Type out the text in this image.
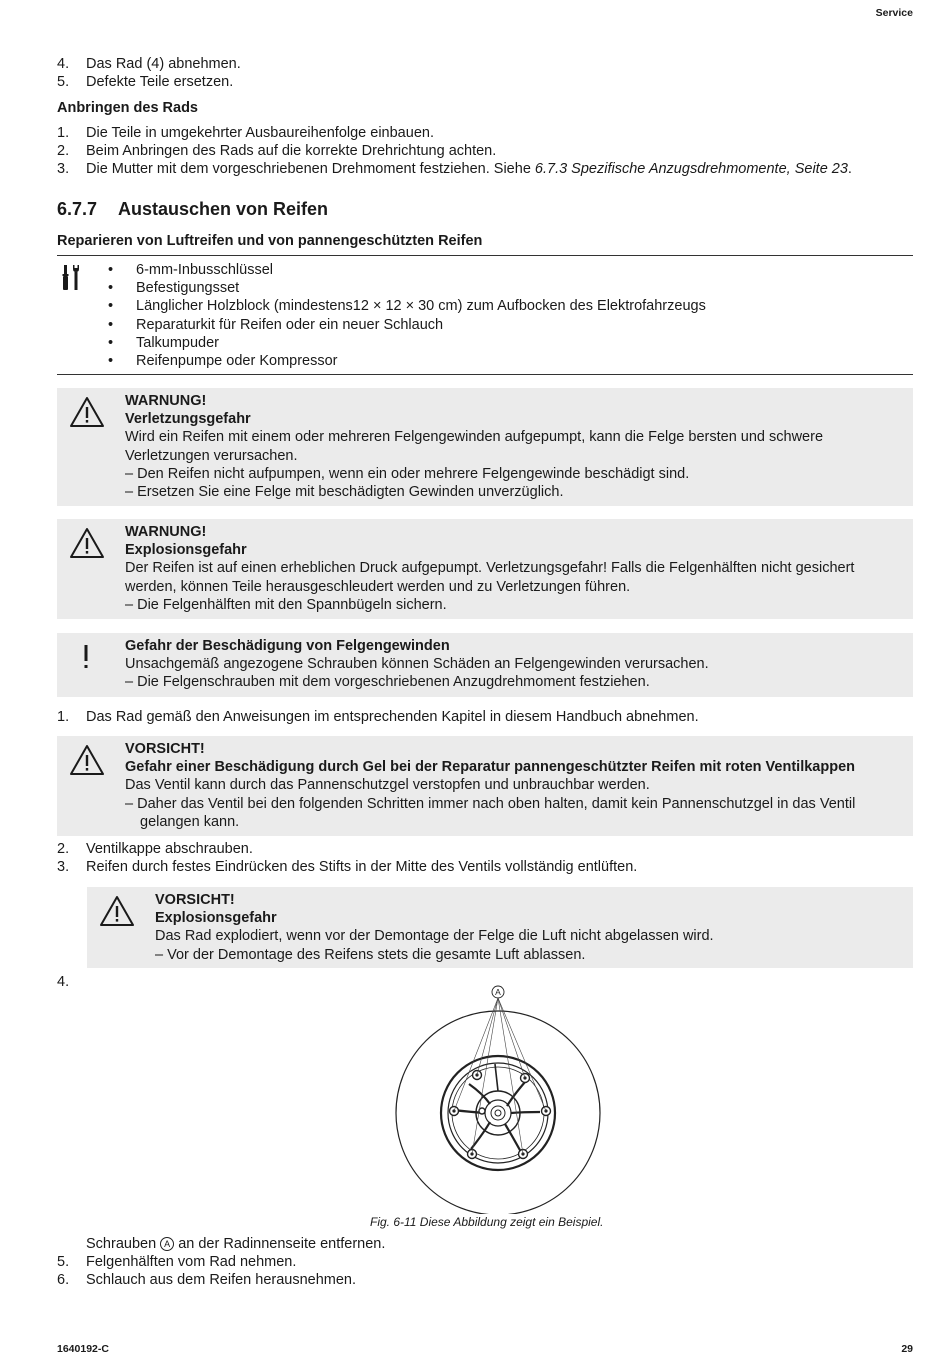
Service
4. Das Rad (4) abnehmen.
5. Defekte Teile ersetzen.
Anbringen des Rads
1. Die Teile in umgekehrter Ausbaureihenfolge einbauen.
2. Beim Anbringen des Rads auf die korrekte Drehrichtung achten.
3. Die Mutter mit dem vorgeschriebenen Drehmoment festziehen. Siehe 6.7.3 Spezifische Anzugsdrehmomente, Seite 23.
6.7.7 Austauschen von Reifen
Reparieren von Luftreifen und von pannengeschützten Reifen
• 6-mm-Inbusschlüssel
• Befestigungsset
• Länglicher Holzblock (mindestens12 × 12 × 30 cm) zum Aufbocken des Elektrofahrzeugs
• Reparaturkit für Reifen oder ein neuer Schlauch
• Talkumpuder
• Reifenpumpe oder Kompressor
WARNUNG!
Verletzungsgefahr
Wird ein Reifen mit einem oder mehreren Felgengewinden aufgepumpt, kann die Felge bersten und schwere
Verletzungen verursachen.
– Den Reifen nicht aufpumpen, wenn ein oder mehrere Felgengewinde beschädigt sind.
– Ersetzen Sie eine Felge mit beschädigten Gewinden unverzüglich.
WARNUNG!
Explosionsgefahr
Der Reifen ist auf einen erheblichen Druck aufgepumpt. Verletzungsgefahr! Falls die Felgenhälften nicht gesichert
werden, können Teile herausgeschleudert werden und zu Verletzungen führen.
– Die Felgenhälften mit den Spannbügeln sichern.
Gefahr der Beschädigung von Felgengewinden
Unsachgemäß angezogene Schrauben können Schäden an Felgengewinden verursachen.
– Die Felgenschrauben mit dem vorgeschriebenen Anzugdrehmoment festziehen.
1. Das Rad gemäß den Anweisungen im entsprechenden Kapitel in diesem Handbuch abnehmen.
VORSICHT!
Gefahr einer Beschädigung durch Gel bei der Reparatur pannengeschützter Reifen mit roten Ventilkappen
Das Ventil kann durch das Pannenschutzgel verstopfen und unbrauchbar werden.
– Daher das Ventil bei den folgenden Schritten immer nach oben halten, damit kein Pannenschutzgel in das Ventil gelangen kann.
2. Ventilkappe abschrauben.
3. Reifen durch festes Eindrücken des Stifts in der Mitte des Ventils vollständig entlüften.
VORSICHT!
Explosionsgefahr
Das Rad explodiert, wenn vor der Demontage der Felge die Luft nicht abgelassen wird.
– Vor der Demontage des Reifens stets die gesamte Luft ablassen.
4.
A
Fig. 6-11 Diese Abbildung zeigt ein Beispiel.
Schrauben A an der Radinnenseite entfernen.
5. Felgenhälften vom Rad nehmen.
6. Schlauch aus dem Reifen herausnehmen.
1640192-C	29
